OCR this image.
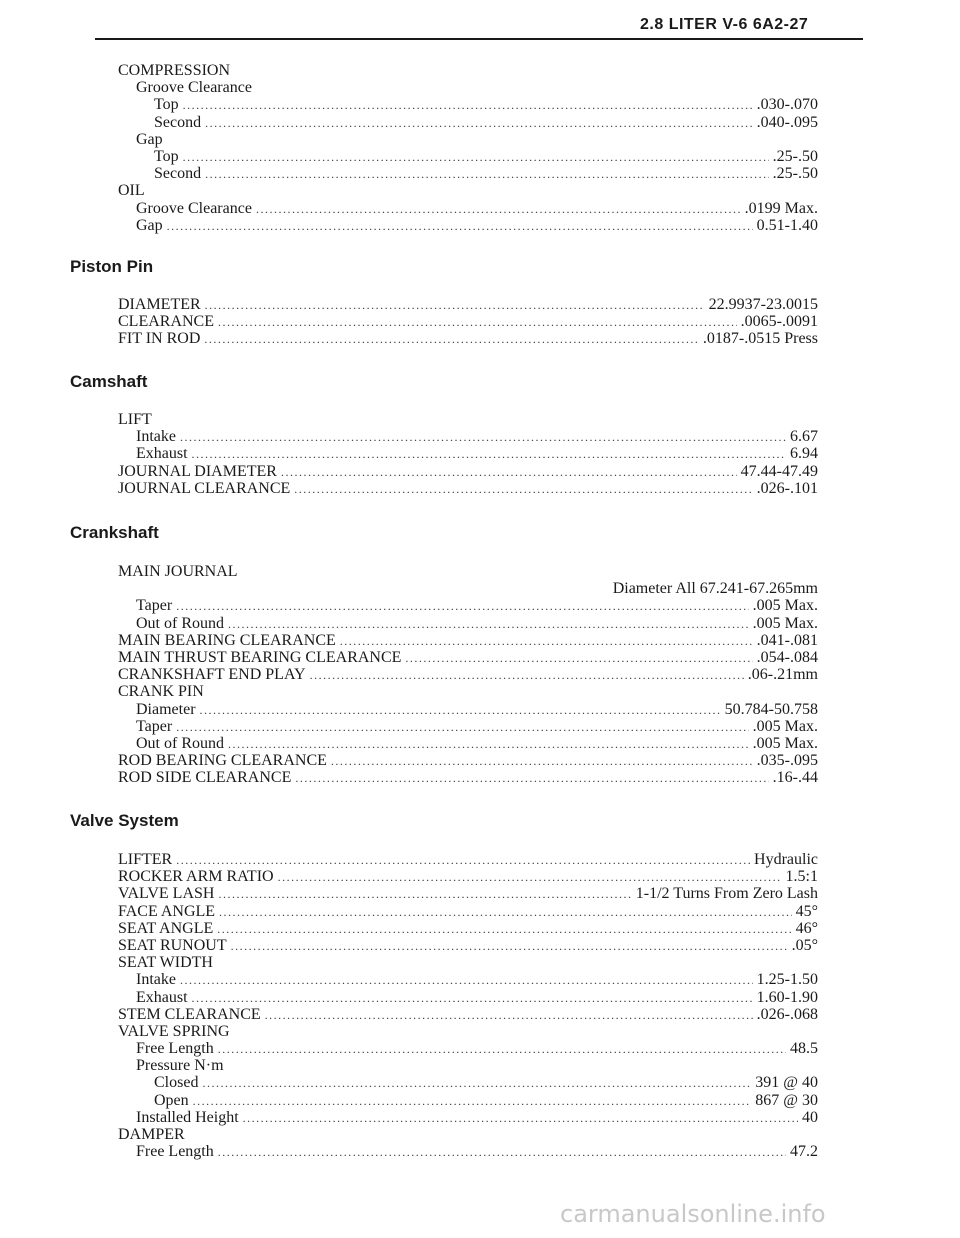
2.8 LITER V-6 6A2-27
COMPRESSION
Groove Clearance
Top .....	.030-.070
Second .....	.040-.095
Gap
Top .....	.25-.50
Second .....	.25-.50
OIL
Groove Clearance .....	.0199 Max.
Gap .....	0.51-1.40
Piston Pin
DIAMETER .....	22.9937-23.0015
CLEARANCE .....	.0065-.0091
FIT IN ROD .....	.0187-.0515 Press
Camshaft
LIFT
Intake .....	6.67
Exhaust .....	6.94
JOURNAL DIAMETER .....	47.44-47.49
JOURNAL CLEARANCE .....	.026-.101
Crankshaft
MAIN JOURNAL
Diameter All 67.241-67.265mm
Taper .....	.005 Max.
Out of Round .....	.005 Max.
MAIN BEARING CLEARANCE .....	.041-.081
MAIN THRUST BEARING CLEARANCE .....	.054-.084
CRANKSHAFT END PLAY .....	.06-.21mm
CRANK PIN
Diameter .....	50.784-50.758
Taper .....	.005 Max.
Out of Round .....	.005 Max.
ROD BEARING CLEARANCE .....	.035-.095
ROD SIDE CLEARANCE .....	.16-.44
Valve System
LIFTER .....	Hydraulic
ROCKER ARM RATIO .....	1.5:1
VALVE LASH .....	1-1/2 Turns From Zero Lash
FACE ANGLE .....	45°
SEAT ANGLE .....	46°
SEAT RUNOUT .....	.05°
SEAT WIDTH
Intake .....	1.25-1.50
Exhaust .....	1.60-1.90
STEM CLEARANCE .....	.026-.068
VALVE SPRING
Free Length .....	48.5
Pressure N·m
Closed .....	391 @ 40
Open .....	867 @ 30
Installed Height .....	40
DAMPER
Free Length .....	47.2
carmanualsonline.info
